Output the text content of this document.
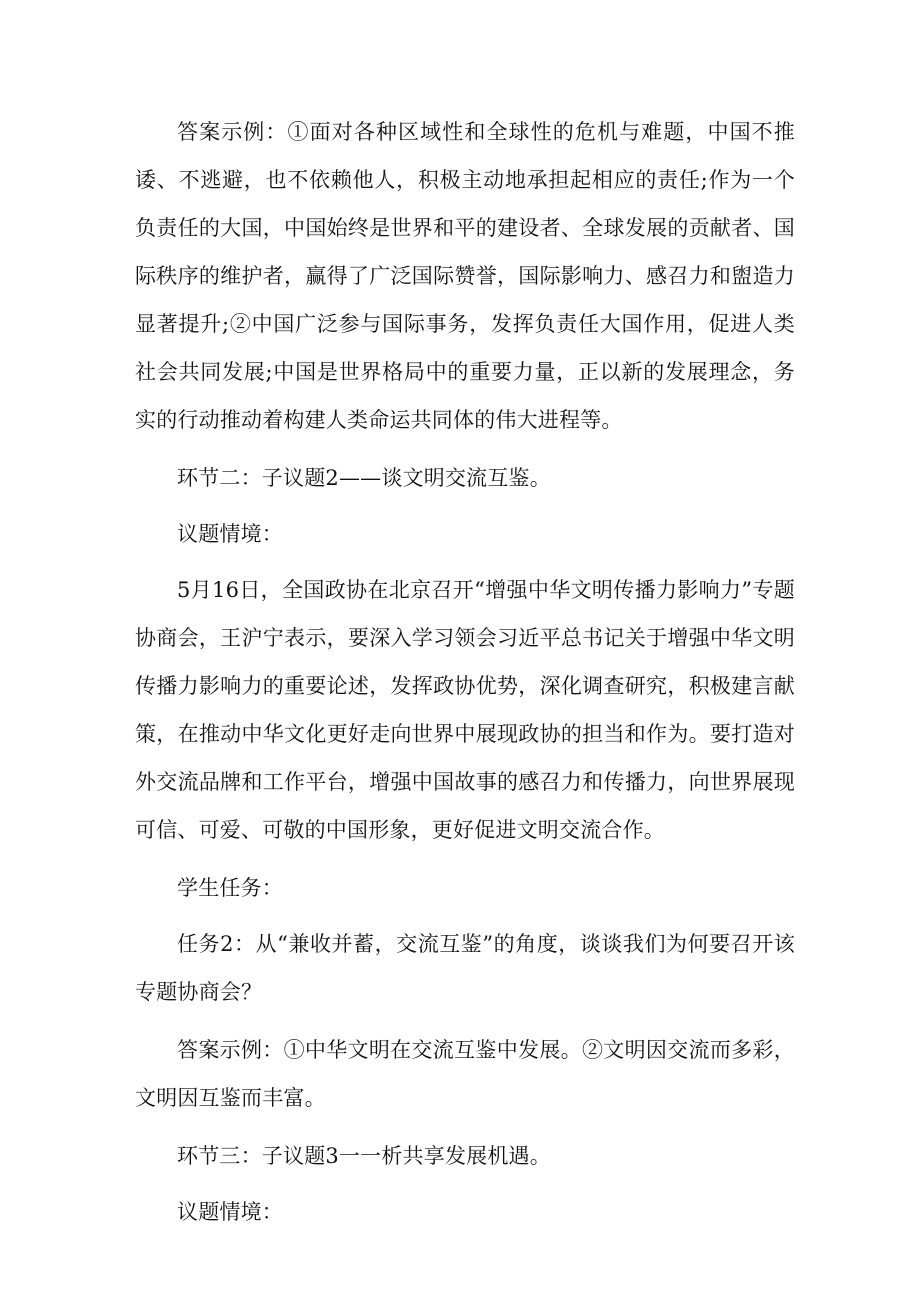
答案示例：①面对各种区域性和全球性的危机与难题，中国不推诿、不逃避，也不依赖他人，积极主动地承担起相应的责任;作为一个负责任的大国，中国始终是世界和平的建设者、全球发展的贡献者、国际秩序的维护者，赢得了广泛国际赞誉，国际影响力、感召力和盥造力显著提升;②中国广泛参与国际事务，发挥负责任大国作用，促进人类社会共同发展;中国是世界格局中的重要力量，正以新的发展理念，务实的行动推动着构建人类命运共同体的伟大进程等。

环节二：子议题2——谈文明交流互鉴。

议题情境：

5月16日，全国政协在北京召开“增强中华文明传播力影响力”专题协商会，王沪宁表示，要深入学习领会习近平总书记关于增强中华文明传播力影响力的重要论述，发挥政协优势，深化调查研究，积极建言献策，在推动中华文化更好走向世界中展现政协的担当和作为。要打造对外交流品牌和工作平台，增强中国故事的感召力和传播力，向世界展现可信、可爱、可敬的中国形象，更好促进文明交流合作。

学生任务：

任务2：从“兼收并蓄，交流互鉴”的角度，谈谈我们为何要召开该专题协商会？

答案示例：①中华文明在交流互鉴中发展。②文明因交流而多彩，文明因互鉴而丰富。

环节三：子议题3一一析共享发展机遇。

议题情境：
